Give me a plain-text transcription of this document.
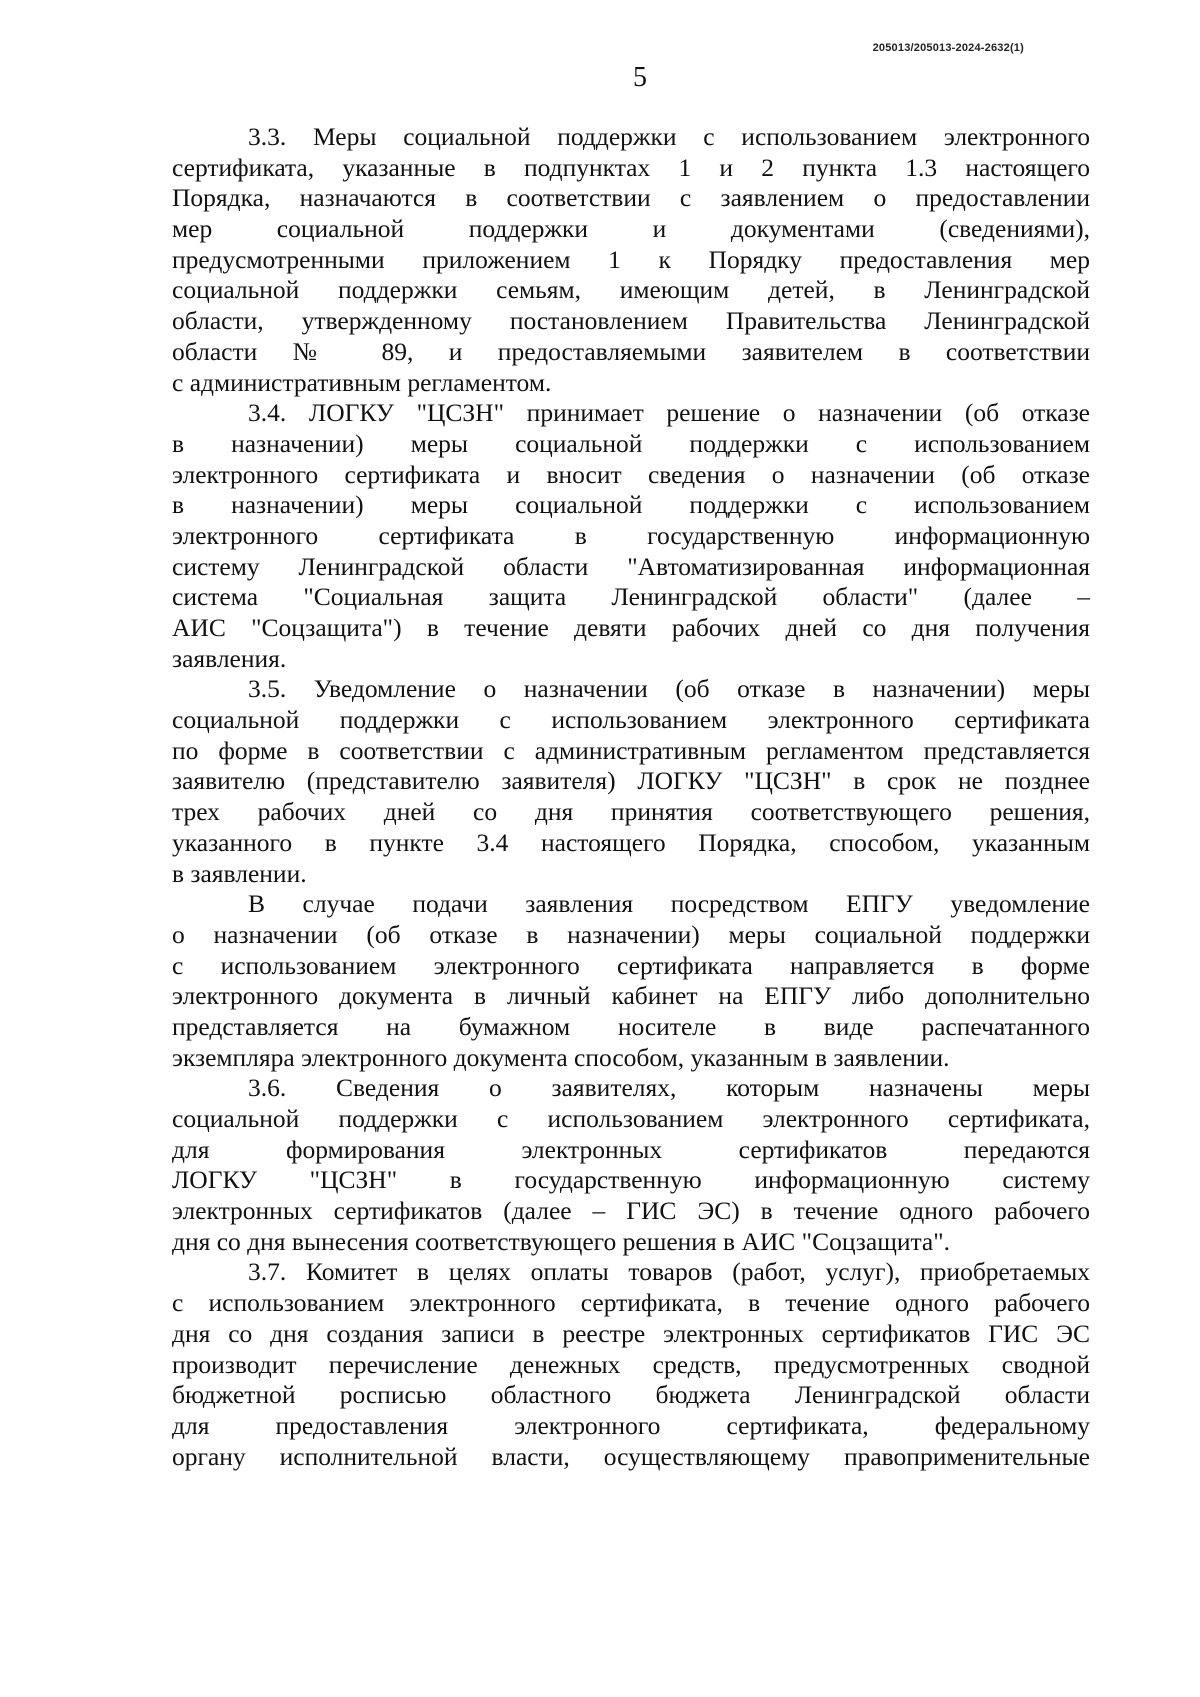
205013/205013-2024-2632(1)
5
3.3. Меры социальной поддержки с использованием электронного
сертификата, указанные в подпунктах 1 и 2 пункта 1.3 настоящего
Порядка, назначаются в соответствии с заявлением о предоставлении
мер социальной поддержки и документами (сведениями),
предусмотренными приложением 1 к Порядку предоставления мер
социальной поддержки семьям, имеющим детей, в Ленинградской
области, утвержденному постановлением Правительства Ленинградской
области № 89, и предоставляемыми заявителем в соответствии
с административным регламентом.
3.4. ЛОГКУ "ЦСЗН" принимает решение о назначении (об отказе
в назначении) меры социальной поддержки с использованием
электронного сертификата и вносит сведения о назначении (об отказе
в назначении) меры социальной поддержки с использованием
электронного сертификата в государственную информационную
систему Ленинградской области "Автоматизированная информационная
система "Социальная защита Ленинградской области" (далее –
АИС "Соцзащита") в течение девяти рабочих дней со дня получения
заявления.
3.5. Уведомление о назначении (об отказе в назначении) меры
социальной поддержки с использованием электронного сертификата
по форме в соответствии с административным регламентом представляется
заявителю (представителю заявителя) ЛОГКУ "ЦСЗН" в срок не позднее
трех рабочих дней со дня принятия соответствующего решения,
указанного в пункте 3.4 настоящего Порядка, способом, указанным
в заявлении.
В случае подачи заявления посредством ЕПГУ уведомление
о назначении (об отказе в назначении) меры социальной поддержки
с использованием электронного сертификата направляется в форме
электронного документа в личный кабинет на ЕПГУ либо дополнительно
представляется на бумажном носителе в виде распечатанного
экземпляра электронного документа способом, указанным в заявлении.
3.6. Сведения о заявителях, которым назначены меры
социальной поддержки с использованием электронного сертификата,
для формирования электронных сертификатов передаются
ЛОГКУ "ЦСЗН" в государственную информационную систему
электронных сертификатов (далее – ГИС ЭС) в течение одного рабочего
дня со дня вынесения соответствующего решения в АИС "Соцзащита".
3.7. Комитет в целях оплаты товаров (работ, услуг), приобретаемых
с использованием электронного сертификата, в течение одного рабочего
дня со дня создания записи в реестре электронных сертификатов ГИС ЭС
производит перечисление денежных средств, предусмотренных сводной
бюджетной росписью областного бюджета Ленинградской области
для предоставления электронного сертификата, федеральному
органу исполнительной власти, осуществляющему правоприменительные
